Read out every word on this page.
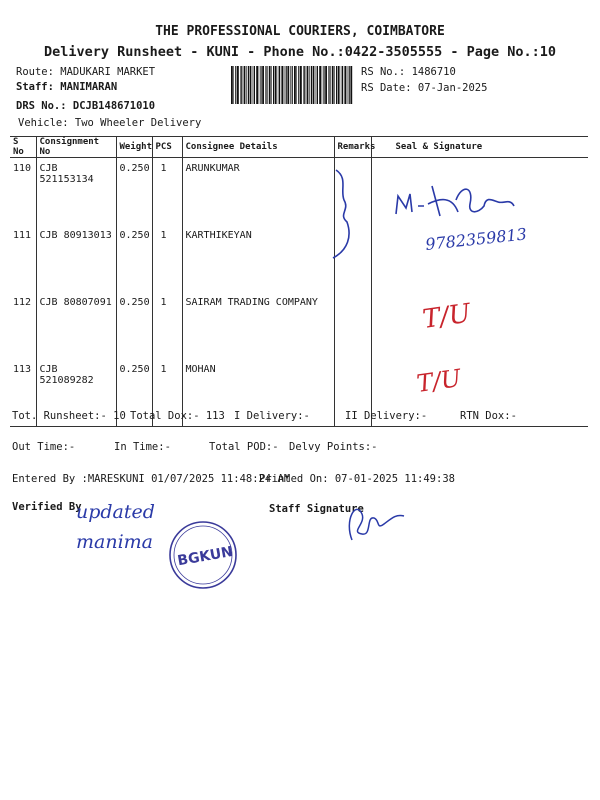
THE PROFESSIONAL COURIERS, COIMBATORE
Delivery Runsheet - KUNI - Phone No.:0422-3505555 - Page No.:10
Route: MADUKARI MARKET
Staff: MANIMARAN
DRS No.: DCJB148671010
Vehicle: Two Wheeler Delivery
RS No.: 1486710
RS Date: 07-Jan-2025
S No	Consignment No	Weight	PCS	Consignee Details	Remarks	Seal & Signature
110	CJB 521153134	0.250	1	ARUNKUMAR		
111	CJB 80913013	0.250	1	KARTHIKEYAN		
112	CJB 80807091	0.250	1	SAIRAM TRADING COMPANY		
113	CJB 521089282	0.250	1	MOHAN		
Tot. Runsheet:- 10 Total Dox:- 113 I Delivery:-	II Delivery:-	RTN Dox:-
Out Time:-	In Time:-	Total POD:- Delvy Points:-
Entered By :MARESKUNI 01/07/2025 11:48:24 AM
Printed On: 07-01-2025 11:49:38
Verified By	Staff Signature
9782359813
T/U
T/U
updated
manima
BGKUN
